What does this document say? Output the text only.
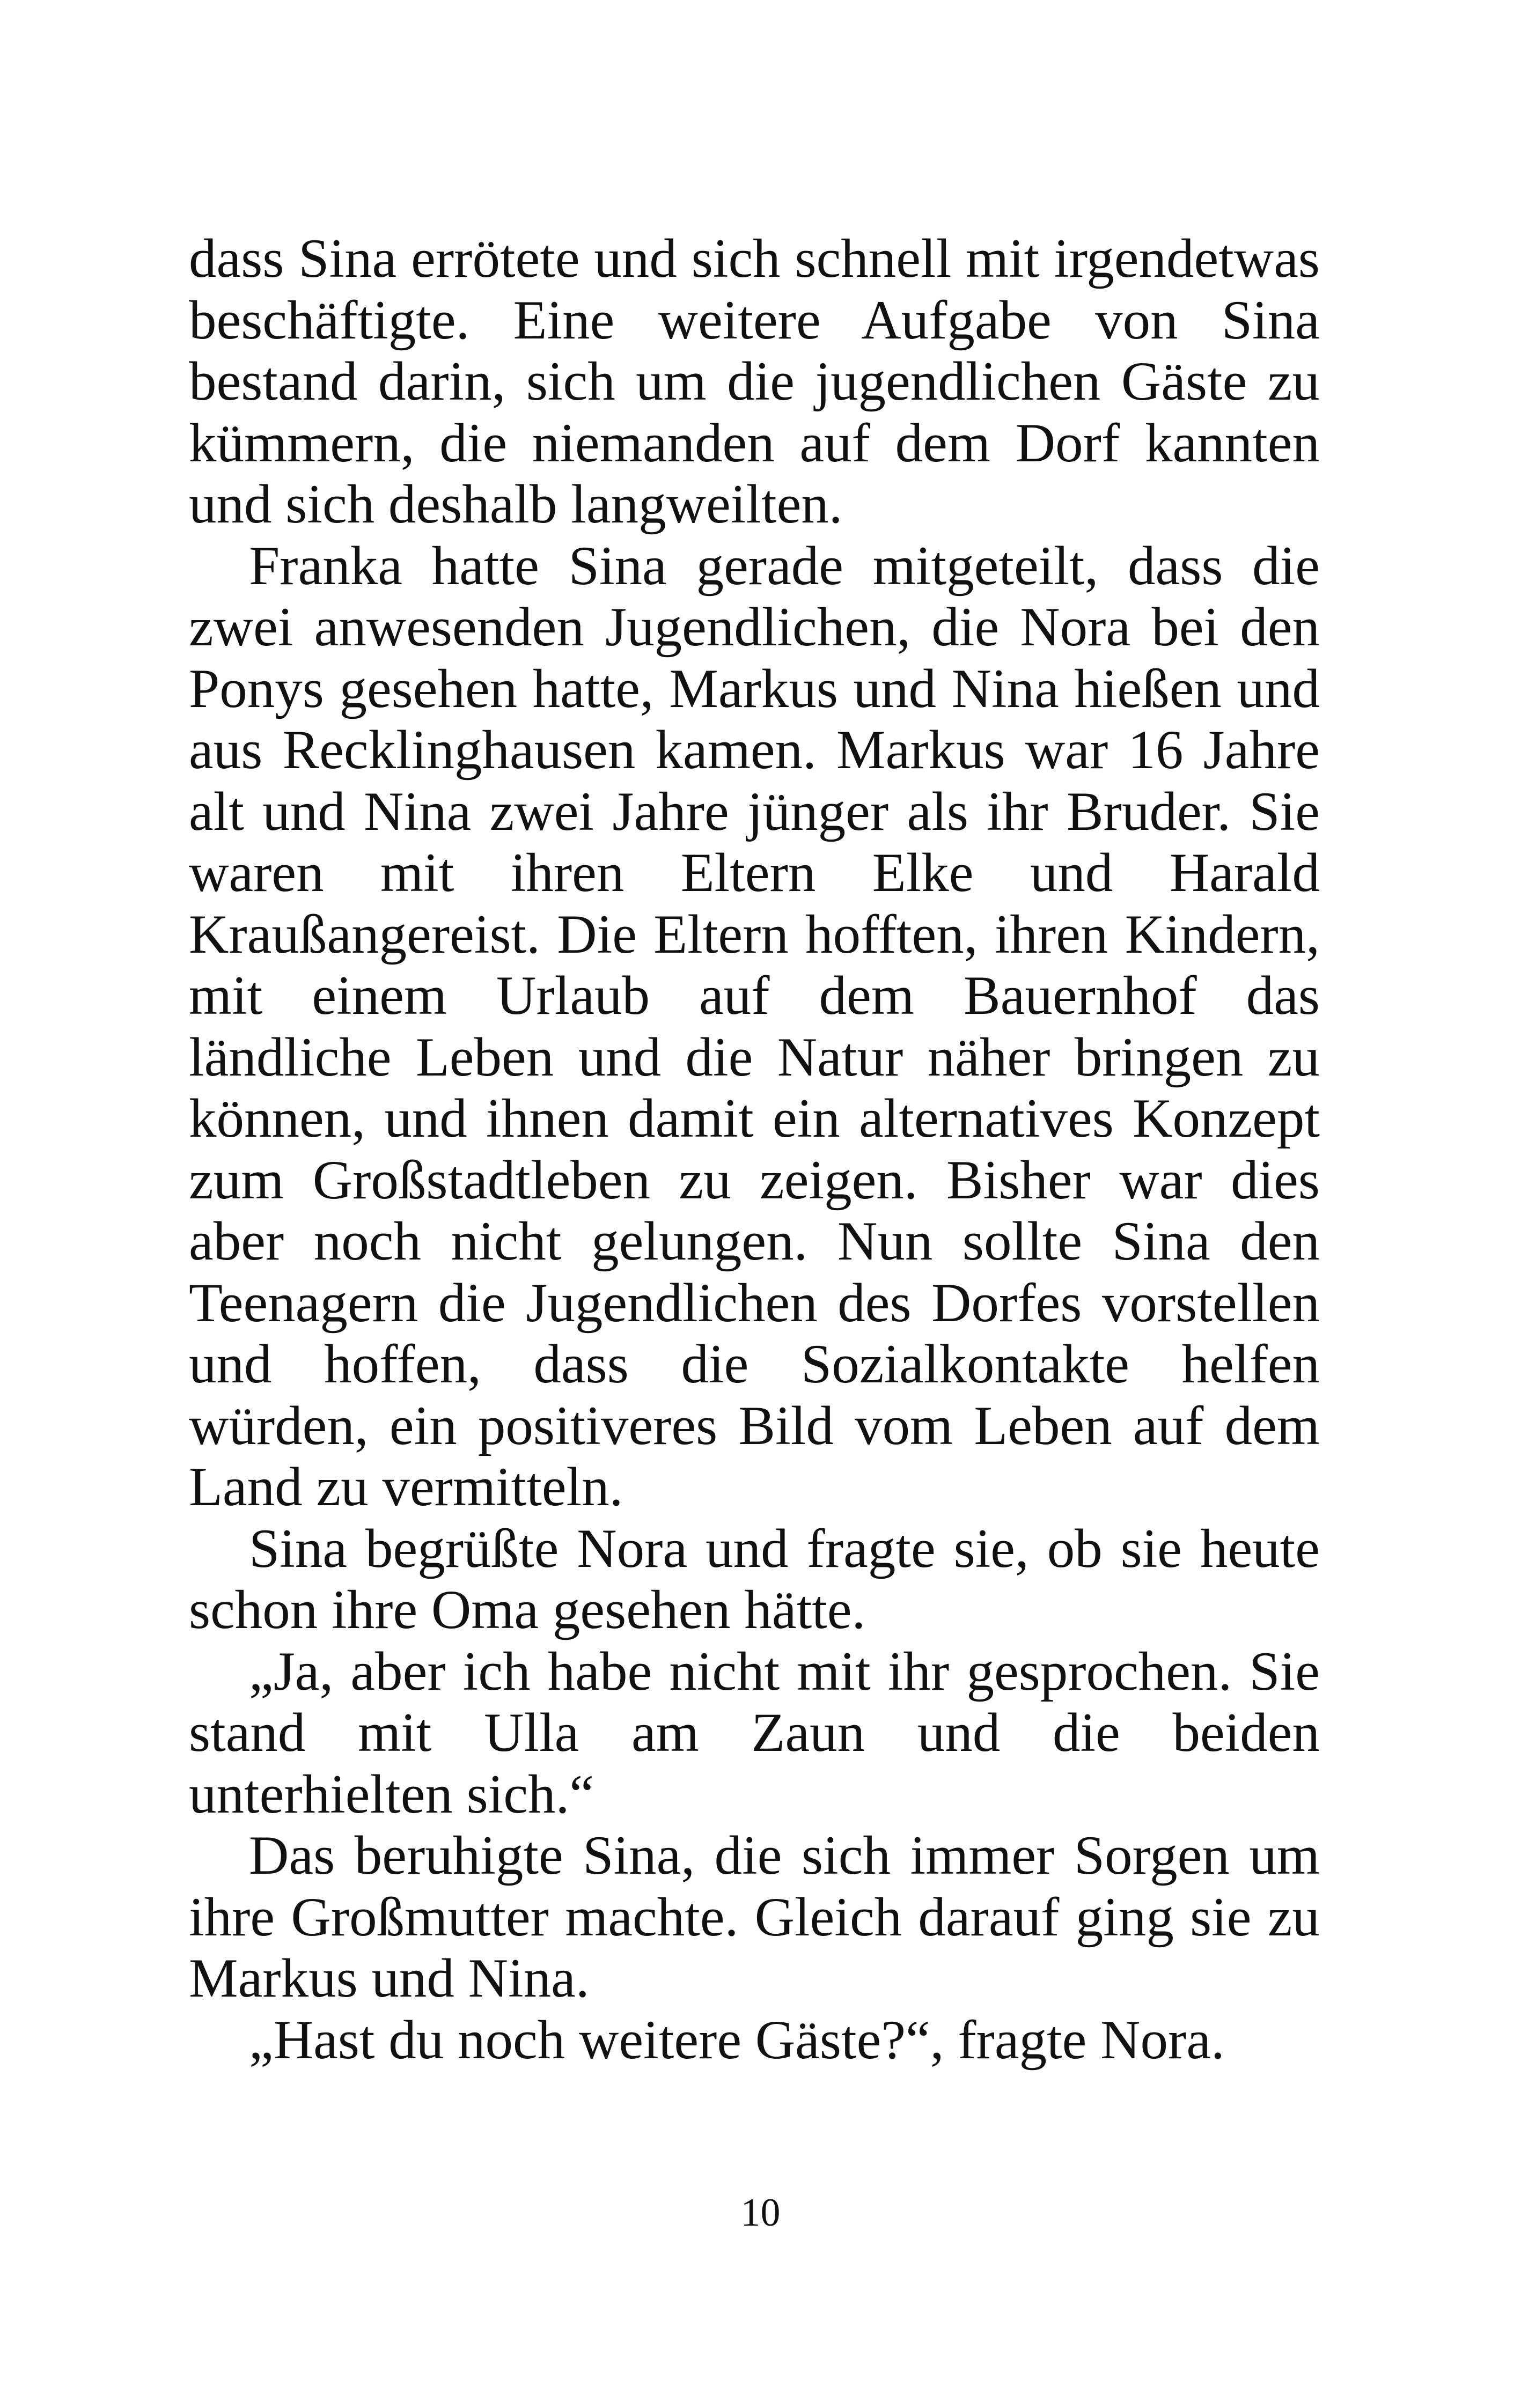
dass Sina errötete und sich schnell mit irgendetwas beschäftigte. Eine weitere Aufgabe von Sina bestand darin, sich um die jugendlichen Gäste zu kümmern, die niemanden auf dem Dorf kannten und sich deshalb langweilten.

Franka hatte Sina gerade mitgeteilt, dass die zwei anwesenden Jugendlichen, die Nora bei den Ponys gesehen hatte, Markus und Nina hießen und aus Recklinghausen kamen. Markus war 16 Jahre alt und Nina zwei Jahre jünger als ihr Bruder. Sie waren mit ihren Eltern Elke und Harald Kraußangereist. Die Eltern hofften, ihren Kindern, mit einem Urlaub auf dem Bauernhof das ländliche Leben und die Natur näher bringen zu können, und ihnen damit ein alternatives Konzept zum Großstadtleben zu zeigen. Bisher war dies aber noch nicht gelungen. Nun sollte Sina den Teenagern die Jugendlichen des Dorfes vorstellen und hoffen, dass die Sozialkontakte helfen würden, ein positiveres Bild vom Leben auf dem Land zu vermitteln.

Sina begrüßte Nora und fragte sie, ob sie heute schon ihre Oma gesehen hätte.

„Ja, aber ich habe nicht mit ihr gesprochen. Sie stand mit Ulla am Zaun und die beiden unterhielten sich.“

Das beruhigte Sina, die sich immer Sorgen um ihre Großmutter machte. Gleich darauf ging sie zu Markus und Nina.

„Hast du noch weitere Gäste?“, fragte Nora.

10
